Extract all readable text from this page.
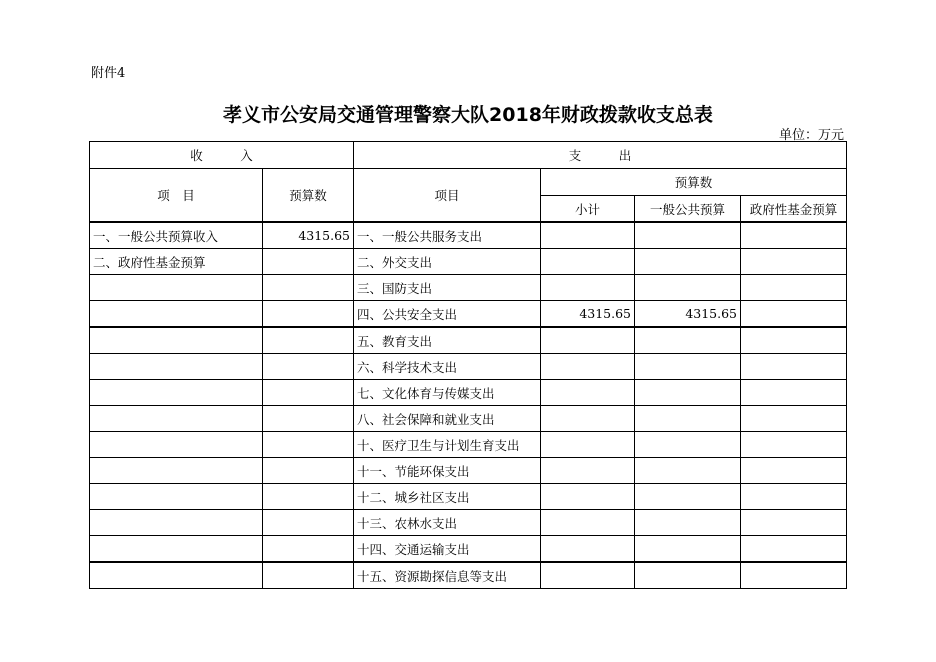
附件4
孝义市公安局交通管理警察大队2018年财政拨款收支总表
单位：万元
收　　　入		支　　　出			
项　目	预算数	项目	预算数		
			小计	一般公共预算	政府性基金预算
一、一般公共预算收入	4315.65	一、一般公共服务支出			
二、政府性基金预算		二、外交支出			
		三、国防支出			
		四、公共安全支出	4315.65	4315.65	
		五、教育支出			
		六、科学技术支出			
		七、文化体育与传媒支出			
		八、社会保障和就业支出			
		十、医疗卫生与计划生育支出			
		十一、节能环保支出			
		十二、城乡社区支出			
		十三、农林水支出			
		十四、交通运输支出			
		十五、资源勘探信息等支出			
